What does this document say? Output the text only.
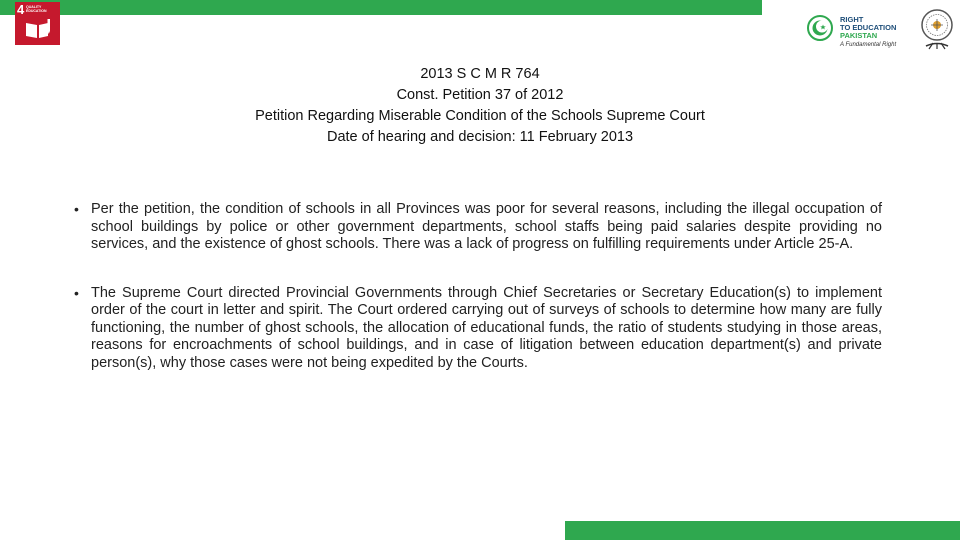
4 QUALITY EDUCATION
RIGHT
TO EDUCATION
PAKISTAN
A Fundamental Right
2013 S C M R 764
Const. Petition 37 of 2012
Petition Regarding Miserable Condition of the Schools Supreme Court
Date of hearing and decision: 11 February 2013
• Per the petition, the condition of schools in all Provinces was poor for several reasons, including the illegal occupation of school buildings by police or other government departments, school staffs being paid salaries despite providing no services, and the existence of ghost schools. There was a lack of progress on fulfilling requirements under Article 25-A.
• The Supreme Court directed Provincial Governments through Chief Secretaries or Secretary Education(s) to implement order of the court in letter and spirit. The Court ordered carrying out of surveys of schools to determine how many are fully functioning, the number of ghost schools, the allocation of educational funds, the ratio of students studying in those areas, reasons for encroachments of school buildings, and in case of litigation between education department(s) and private person(s), why those cases were not being expedited by the Courts.
